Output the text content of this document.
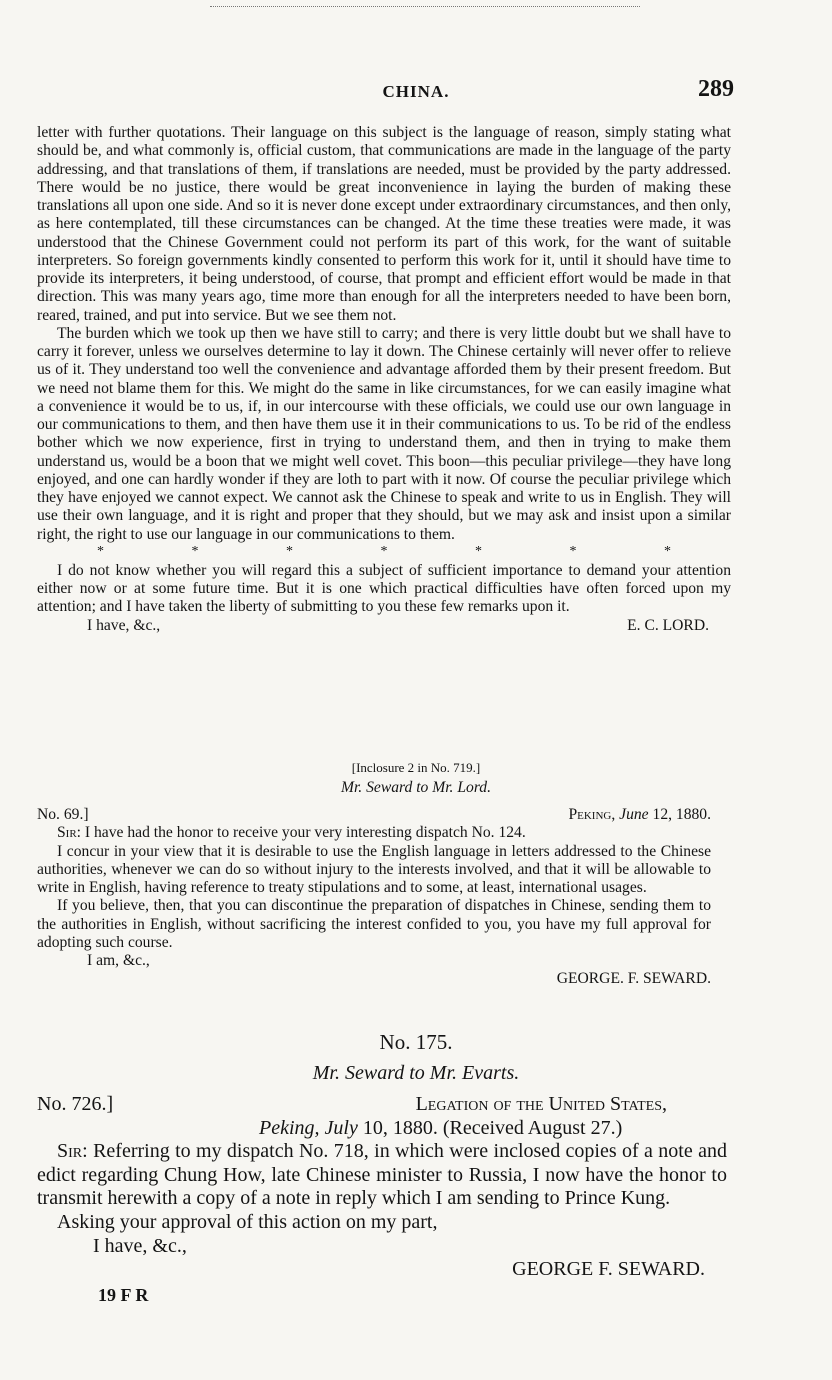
CHINA.	289

letter with further quotations. Their language on this subject is the language of reason, simply stating what should be, and what commonly is, official custom, that communications are made in the language of the party addressing, and that translations of them, if translations are needed, must be provided by the party addressed. There would be no justice, there would be great inconvenience in laying the burden of making these translations all upon one side. And so it is never done except under extraordinary circumstances, and then only, as here contemplated, till these circumstances can be changed. At the time these treaties were made, it was understood that the Chinese Government could not perform its part of this work, for the want of suitable interpreters. So foreign governments kindly consented to perform this work for it, until it should have time to provide its interpreters, it being understood, of course, that prompt and efficient effort would be made in that direction. This was many years ago, time more than enough for all the interpreters needed to have been born, reared, trained, and put into service. But we see them not.

The burden which we took up then we have still to carry; and there is very little doubt but we shall have to carry it forever, unless we ourselves determine to lay it down. The Chinese certainly will never offer to relieve us of it. They understand too well the convenience and advantage afforded them by their present freedom. But we need not blame them for this. We might do the same in like circumstances, for we can easily imagine what a convenience it would be to us, if, in our intercourse with these officials, we could use our own language in our communications to them, and then have them use it in their communications to us. To be rid of the endless bother which we now experience, first in trying to understand them, and then in trying to make them understand us, would be a boon that we might well covet. This boon—this peculiar privilege—they have long enjoyed, and one can hardly wonder if they are loth to part with it now. Of course the peculiar privilege which they have enjoyed we cannot expect. We cannot ask the Chinese to speak and write to us in English. They will use their own language, and it is right and proper that they should, but we may ask and insist upon a similar right, the right to use our language in our communications to them.

*	*	*	*	*	*	*

I do not know whether you will regard this a subject of sufficient importance to demand your attention either now or at some future time. But it is one which practical difficulties have often forced upon my attention; and I have taken the liberty of submitting to you these few remarks upon it.

I have, &c.,	E. C. LORD.
[Inclosure 2 in No. 719.]
Mr. Seward to Mr. Lord.
No. 69.]	Peking, June 12, 1880.

Sir: I have had the honor to receive your very interesting dispatch No. 124.

I concur in your view that it is desirable to use the English language in letters addressed to the Chinese authorities, whenever we can do so without injury to the interests involved, and that it will be allowable to write in English, having reference to treaty stipulations and to some, at least, international usages.

If you believe, then, that you can discontinue the preparation of dispatches in Chinese, sending them to the authorities in English, without sacrificing the interest confided to you, you have my full approval for adopting such course.

I am, &c.,
GEORGE. F. SEWARD.
No. 175.
Mr. Seward to Mr. Evarts.
No. 726.]	Legation of the United States,
Peking, July 10, 1880. (Received August 27.)

Sir: Referring to my dispatch No. 718, in which were inclosed copies of a note and edict regarding Chung How, late Chinese minister to Russia, I now have the honor to transmit herewith a copy of a note in reply which I am sending to Prince Kung.

Asking your approval of this action on my part,

I have, &c.,
GEORGE F. SEWARD.
19 F R
